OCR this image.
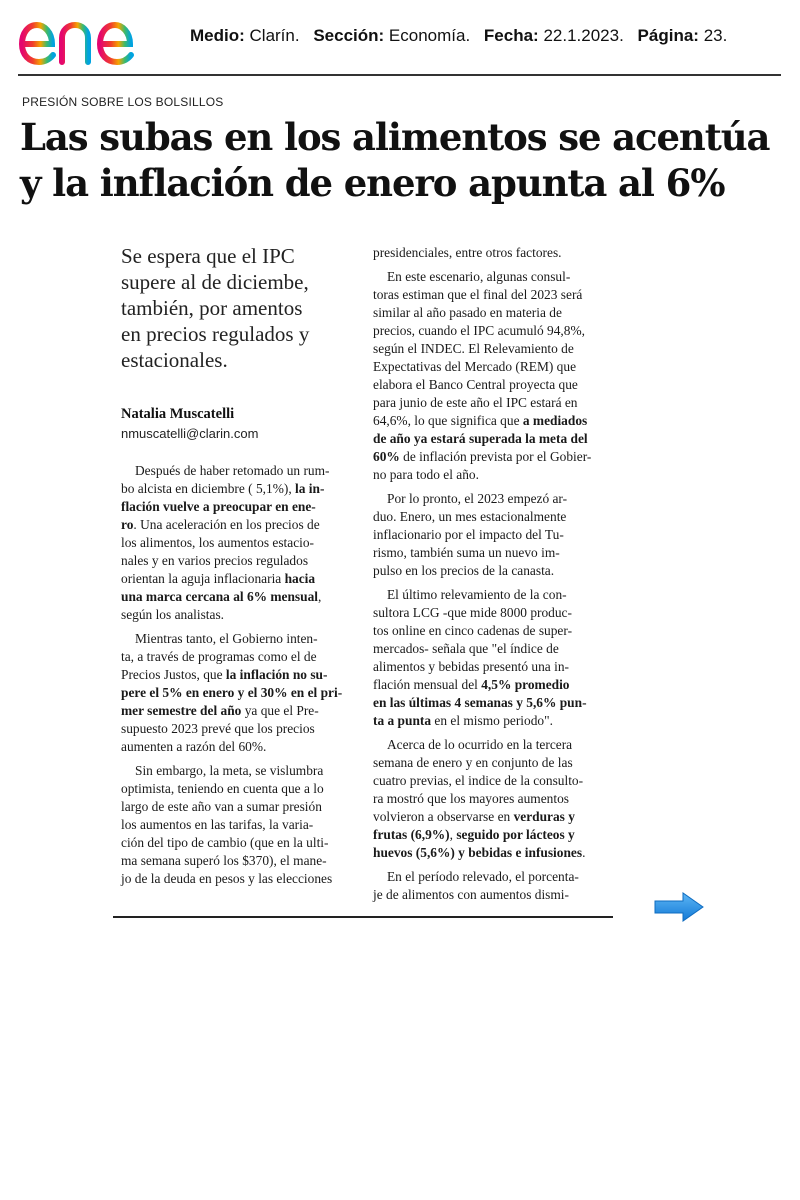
Medio: Clarín. Sección: Economía. Fecha: 22.1.2023. Página: 23.
PRESIÓN SOBRE LOS BOLSILLOS
Las subas en los alimentos se acentúa
y la inflación de enero apunta al 6%
Se espera que el IPC
supere al de diciembe,
también, por amentos
en precios regulados y
estacionales.
Natalia Muscatelli
nmuscatelli@clarin.com
Después de haber retomado un rum-
bo alcista en diciembre ( 5,1%), la in-
flación vuelve a preocupar en ene-
ro. Una aceleración en los precios de
los alimentos, los aumentos estacio-
nales y en varios precios regulados
orientan la aguja inflacionaria hacia
una marca cercana al 6% mensual,
según los analistas.
Mientras tanto, el Gobierno inten-
ta, a través de programas como el de
Precios Justos, que la inflación no su-
pere el 5% en enero y el 30% en el pri-
mer semestre del año ya que el Pre-
supuesto 2023 prevé que los precios
aumenten a razón del 60%.
Sin embargo, la meta, se vislumbra
optimista, teniendo en cuenta que a lo
largo de este año van a sumar presión
los aumentos en las tarifas, la varia-
ción del tipo de cambio (que en la ulti-
ma semana superó los $370), el mane-
jo de la deuda en pesos y las elecciones
presidenciales, entre otros factores.
En este escenario, algunas consul-
toras estiman que el final del 2023 será
similar al año pasado en materia de
precios, cuando el IPC acumuló 94,8%,
según el INDEC. El Relevamiento de
Expectativas del Mercado (REM) que
elabora el Banco Central proyecta que
para junio de este año el IPC estará en
64,6%, lo que significa que a mediados
de año ya estará superada la meta del
60% de inflación prevista por el Gobier-
no para todo el año.
Por lo pronto, el 2023 empezó ar-
duo. Enero, un mes estacionalmente
inflacionario por el impacto del Tu-
rismo, también suma un nuevo im-
pulso en los precios de la canasta.
El último relevamiento de la con-
sultora LCG -que mide 8000 produc-
tos online en cinco cadenas de super-
mercados- señala que "el índice de
alimentos y bebidas presentó una in-
flación mensual del 4,5% promedio
en las últimas 4 semanas y 5,6% pun-
ta a punta en el mismo periodo".
Acerca de lo ocurrido en la tercera
semana de enero y en conjunto de las
cuatro previas, el indice de la consulto-
ra mostró que los mayores aumentos
volvieron a observarse en verduras y
frutas (6,9%), seguido por lácteos y
huevos (5,6%) y bebidas e infusiones.
En el período relevado, el porcenta-
je de alimentos con aumentos dismi-
